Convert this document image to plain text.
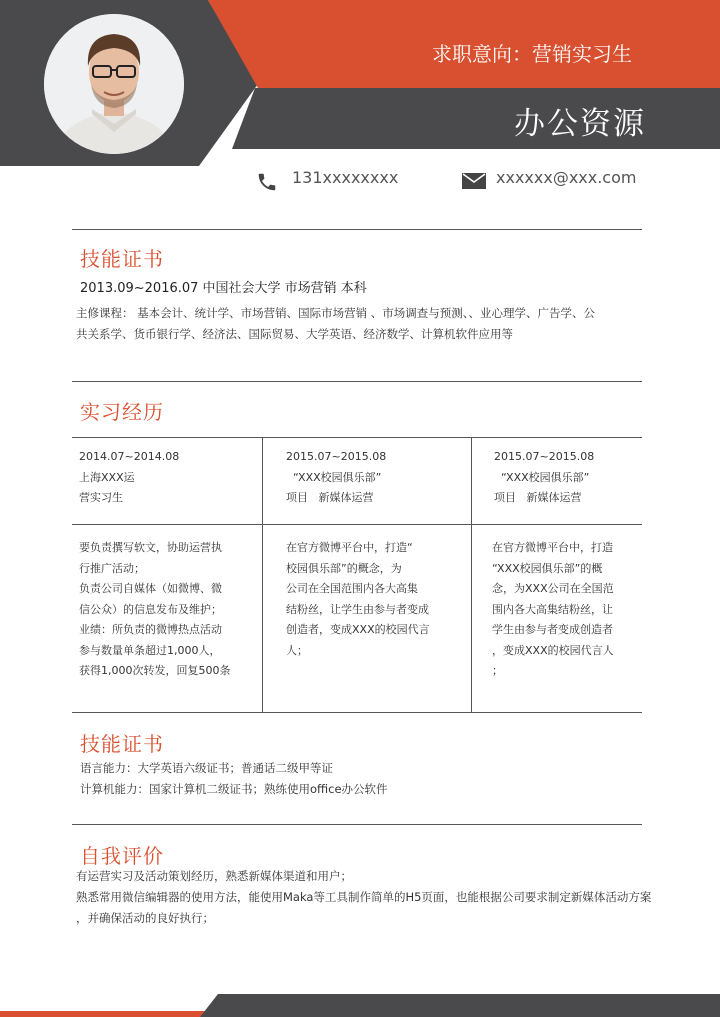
求职意向：营销实习生
办公资源
131xxxxxxxx	xxxxxx@xxx.com
技能证书
2013.09~2016.07 中国社会大学 市场营销 本科

主修课程： 基本会计、统计学、市场营销、国际市场营销 、市场调查与预测、、业心理学、广告学、公

共关系学、货币银行学、经济法、国际贸易、大学英语、经济数学、计算机软件应用等

实习经历

2014.07~2014.08

上海XXX运

营实习生

2015.07~2015.08

“XXX校园俱乐部”

项目   新媒体运营

2015.07~2015.08

“XXX校园俱乐部”

项目   新媒体运营

要负责撰写软文，协助运营执

行推广活动；

负责公司自媒体（如微博、微

信公众）的信息发布及维护；

业绩：所负责的微博热点活动

参与数量单条超过1,000人，

获得1,000次转发，回复500条

在官方微博平台中，打造“

校园俱乐部”的概念，为

公司在全国范围内各大高集

结粉丝，让学生由参与者变成

创造者，变成XXX的校园代言

人；

在官方微博平台中，打造

“XXX校园俱乐部”的概

念，为XXX公司在全国范

围内各大高集结粉丝，让

学生由参与者变成创造者

，变成XXX的校园代言人

；

技能证书

语言能力：大学英语六级证书；普通话二级甲等证

计算机能力：国家计算机二级证书；熟练使用office办公软件

自我评价

有运营实习及活动策划经历，熟悉新媒体渠道和用户；

熟悉常用微信编辑器的使用方法，能使用Maka等工具制作简单的H5页面，也能根据公司要求制定新媒体活动方案

，并确保活动的良好执行；
